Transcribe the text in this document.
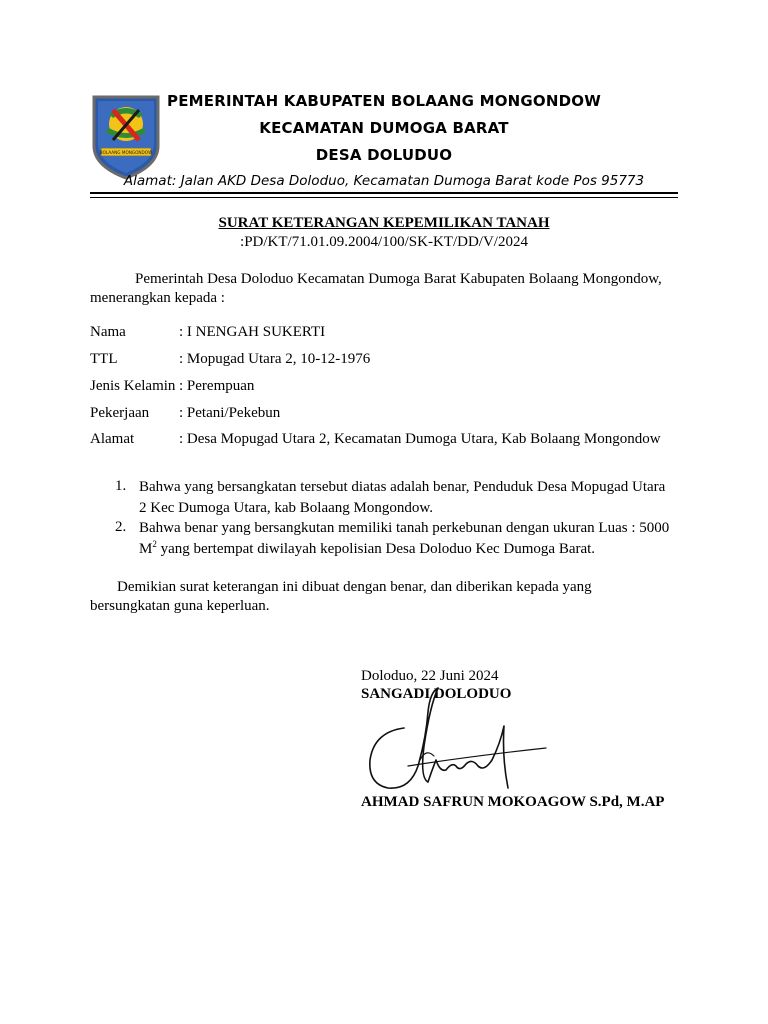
BOLAANG MONGONDOW
PEMERINTAH KABUPATEN BOLAANG MONGONDOW
KECAMATAN DUMOGA BARAT
DESA DOLUDUO
Alamat: Jalan AKD Desa Doloduo, Kecamatan Dumoga Barat kode Pos 95773
SURAT KETERANGAN KEPEMILIKAN TANAH
:PD/KT/71.01.09.2004/100/SK-KT/DD/V/2024
Pemerintah Desa Doloduo Kecamatan Dumoga Barat Kabupaten Bolaang Mongondow,
menerangkan kepada :
Nama	: I NENGAH SUKERTI
TTL	: Mopugad Utara 2, 10-12-1976
Jenis Kelamin : Perempuan
Pekerjaan : Petani/Pekebun
Alamat	: Desa Mopugad Utara 2, Kecamatan Dumoga Utara, Kab Bolaang Mongondow
1. Bahwa yang bersangkatan tersebut diatas adalah benar, Penduduk Desa Mopugad Utara
2 Kec Dumoga Utara, kab Bolaang Mongondow.
2. Bahwa benar yang bersangkutan memiliki tanah perkebunan dengan ukuran Luas : 5000
$M^2$ yang bertempat diwilayah kepolisian Desa Doloduo Kec Dumoga Barat.
Demikian surat keterangan ini dibuat dengan benar, dan diberikan kepada yang
bersungkatan guna keperluan.
Doloduo, 22 Juni 2024
SANGADI DOLODUO
AHMAD SAFRUN MOKOAGOW S.Pd, M.AP
